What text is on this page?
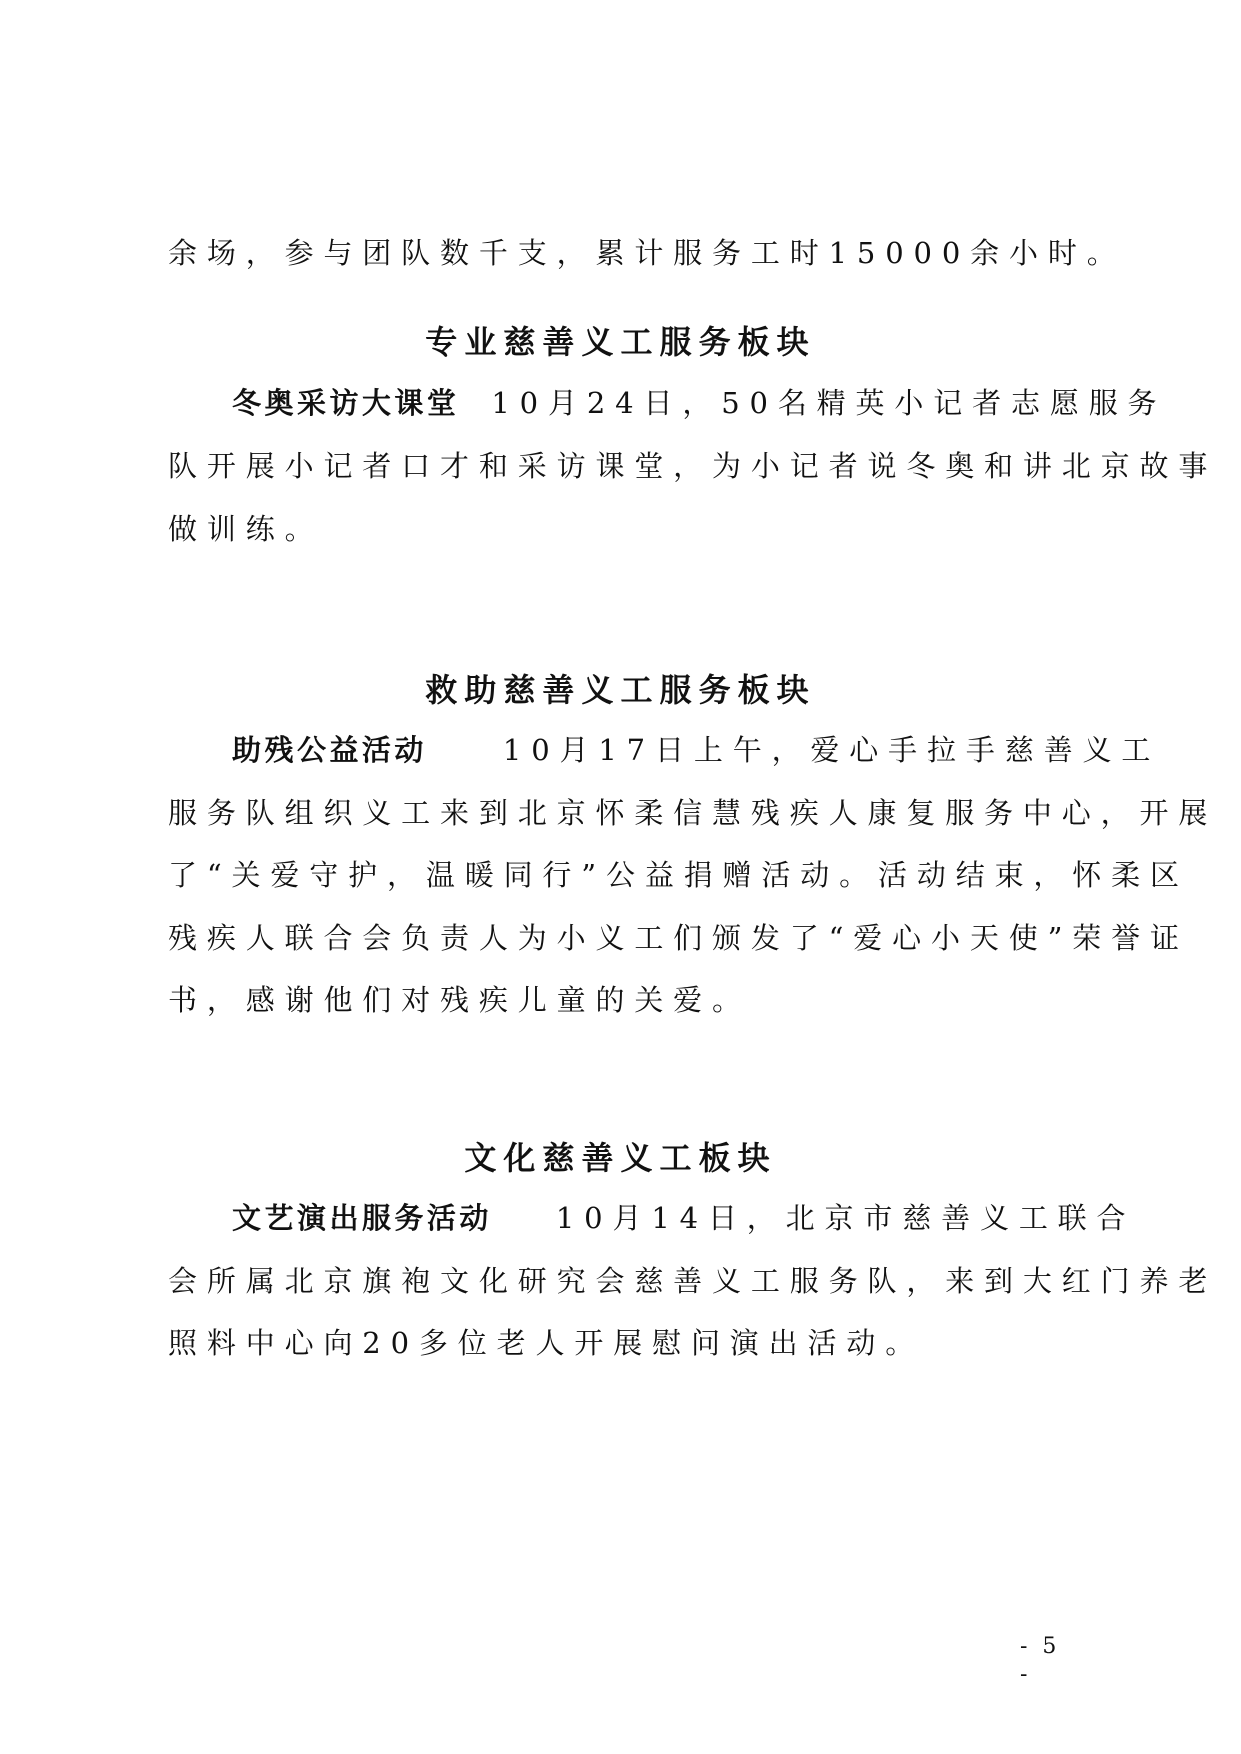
余场，参与团队数千支，累计服务工时15000余小时。
专业慈善义工服务板块
冬奥采访大课堂 10月24日，50名精英小记者志愿服务
队开展小记者口才和采访课堂，为小记者说冬奥和讲北京故事
做训练。
救助慈善义工服务板块
助残公益活动	10月17日上午，爱心手拉手慈善义工
服务队组织义工来到北京怀柔信慧残疾人康复服务中心，开展
了“关爱守护，温暖同行”公益捐赠活动。活动结束，怀柔区
残疾人联合会负责人为小义工们颁发了“爱心小天使”荣誉证
书，感谢他们对残疾儿童的关爱。
文化慈善义工板块
文艺演出服务活动 10月14日，北京市慈善义工联合
会所属北京旗袍文化研究会慈善义工服务队，来到大红门养老
照料中心向20多位老人开展慰问演出活动。
- 5 -
